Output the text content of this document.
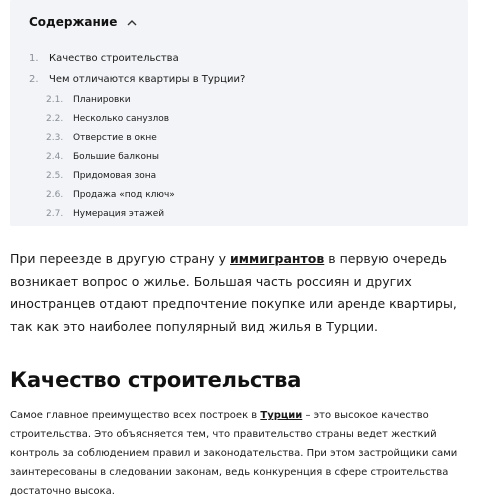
Содержание
1.	Качество строительства
2.	Чем отличаются квартиры в Турции?
2.1.	Планировки
2.2.	Несколько санузлов
2.3.	Отверстие в окне
2.4.	Большие балконы
2.5.	Придомовая зона
2.6.	Продажа «под ключ»
2.7.	Нумерация этажей

При переезде в другую страну у иммигрантов в первую очередь возникает вопрос о жилье. Большая часть россиян и других иностранцев отдают предпочтение покупке или аренде квартиры, так как это наиболее популярный вид жилья в Турции.

Качество строительства

Самое главное преимущество всех построек в Турции – это высокое качество строительства. Это объясняется тем, что правительство страны ведет жесткий контроль за соблюдением правил и законодательства. При этом застройщики сами заинтересованы в следовании законам, ведь конкуренция в сфере строительства достаточно высока.
